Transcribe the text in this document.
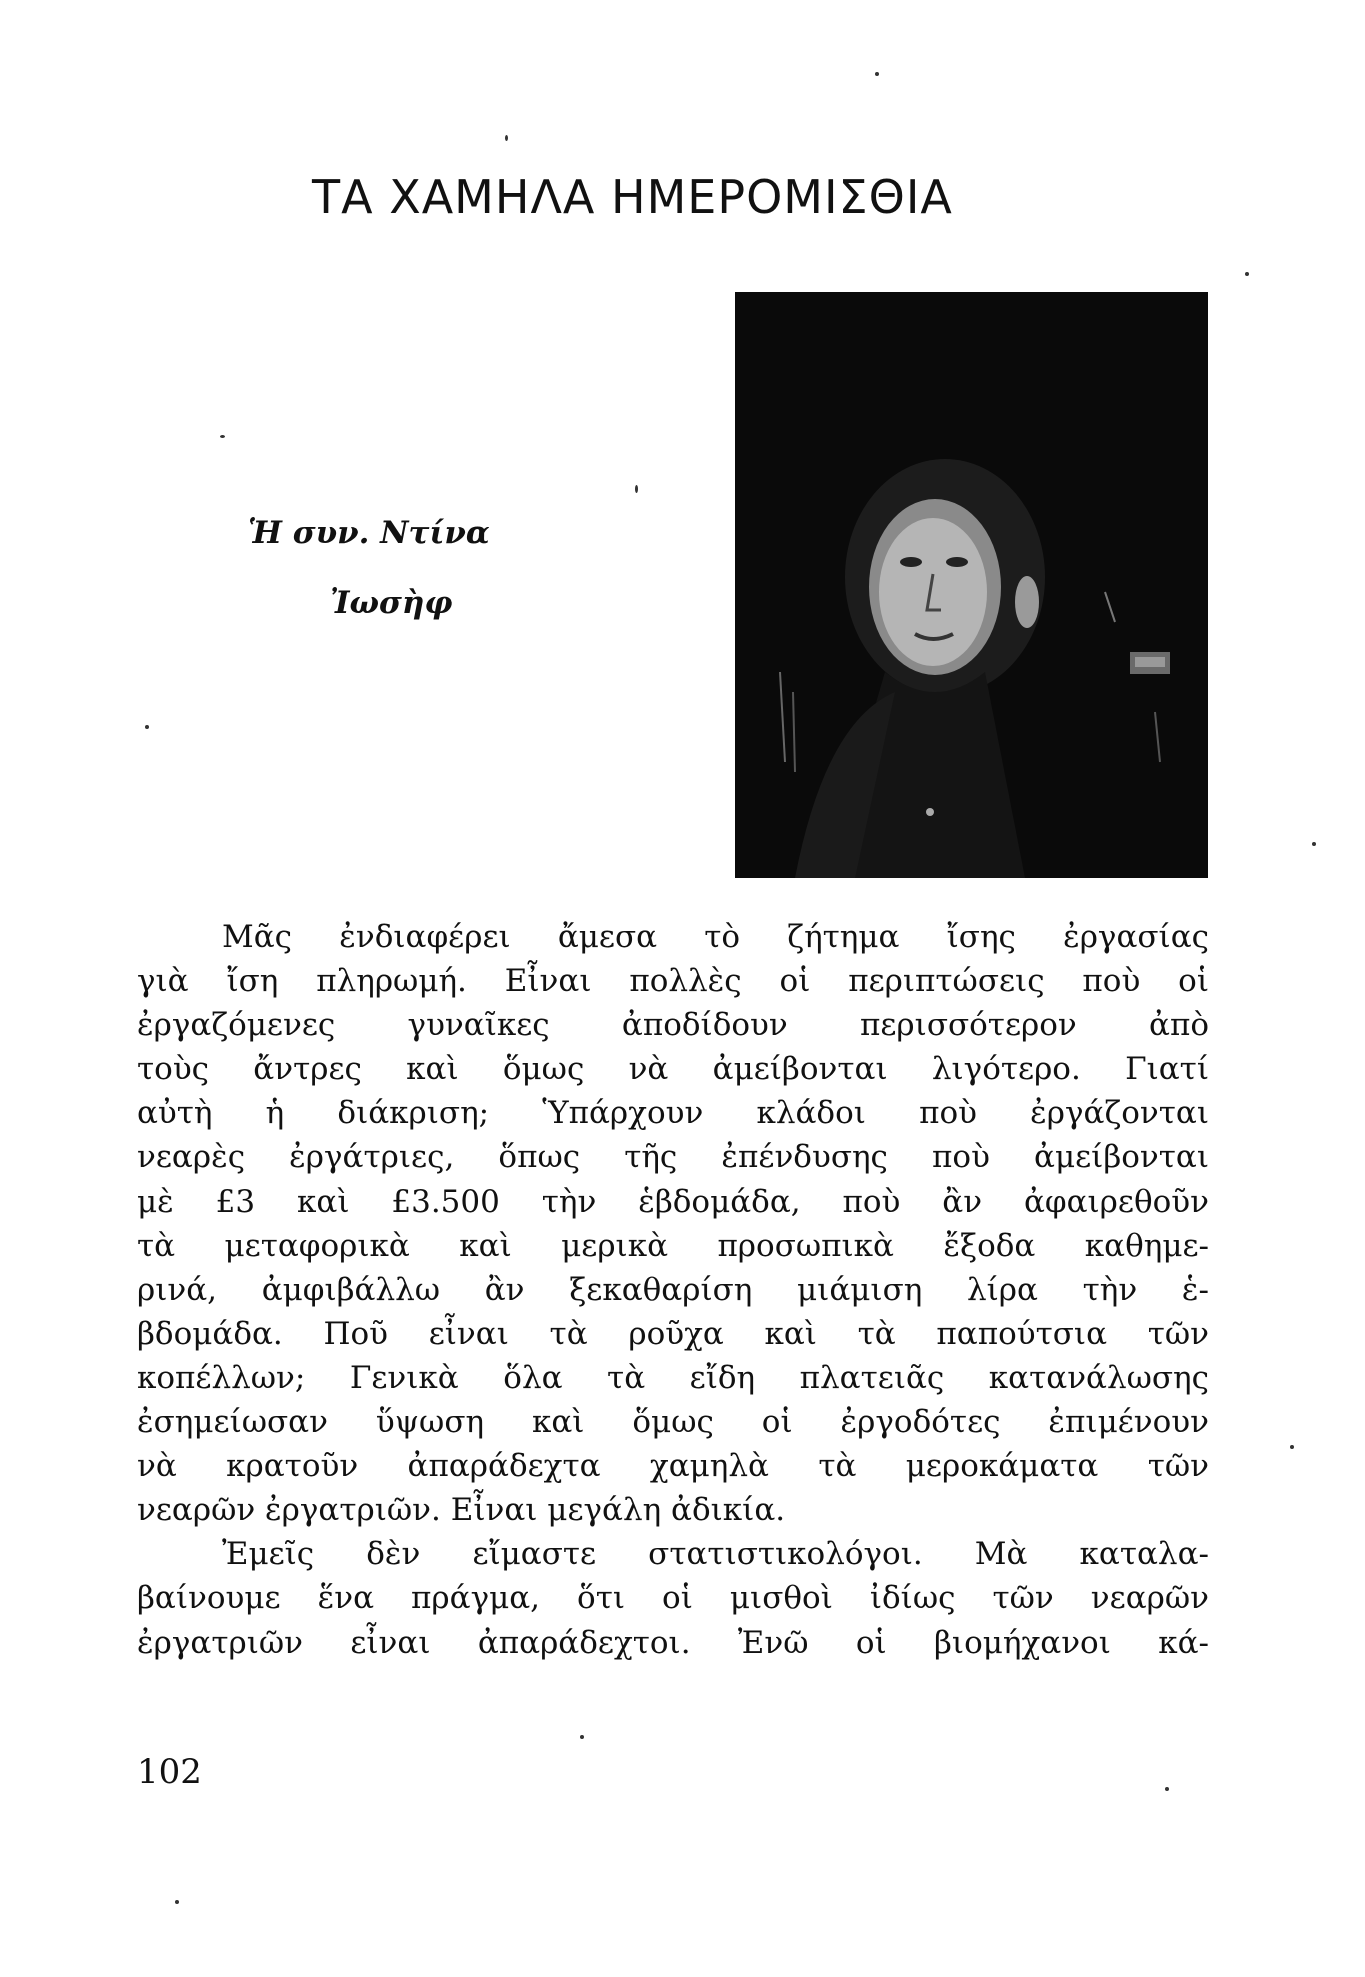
ΤΑ ΧΑΜΗΛΑ ΗΜΕΡΟΜΙΣΘΙΑ
Ἡ συν. Ντίνα
Ἰωσὴφ
Μᾶς ἐνδιαφέρει ἄμεσα τὸ ζήτημα ἴσης ἐργασίας
γιὰ ἴση πληρωμή. Εἶναι πολλὲς οἱ περιπτώσεις ποὺ οἱ
ἐργαζόμενες γυναῖκες ἀποδίδουν περισσότερον ἀπὸ
τοὺς ἄντρες καὶ ὅμως νὰ ἀμείβονται λιγότερο. Γιατί
αὐτὴ ἡ διάκριση; Ὑπάρχουν κλάδοι ποὺ ἐργάζονται
νεαρὲς ἐργάτριες, ὅπως τῆς ἐπένδυσης ποὺ ἀμείβονται
μὲ £3 καὶ £3.500 τὴν ἑβδομάδα, ποὺ ἂν ἀφαιρεθοῦν
τὰ μεταφορικὰ καὶ μερικὰ προσωπικὰ ἔξοδα καθημε-
ρινά, ἀμφιβάλλω ἂν ξεκαθαρίση μιάμιση λίρα τὴν ἑ-
βδομάδα. Ποῦ εἶναι τὰ ροῦχα καὶ τὰ παπούτσια τῶν
κοπέλλων; Γενικὰ ὅλα τὰ εἴδη πλατειᾶς κατανάλωσης
ἐσημείωσαν ὕψωση καὶ ὅμως οἱ ἐργοδότες ἐπιμένουν
νὰ κρατοῦν ἀπαράδεχτα χαμηλὰ τὰ μεροκάματα τῶν
νεαρῶν ἐργατριῶν. Εἶναι μεγάλη ἀδικία.
Ἐμεῖς δὲν εἴμαστε στατιστικολόγοι. Μὰ καταλα-
βαίνουμε ἕνα πράγμα, ὅτι οἱ μισθοὶ ἰδίως τῶν νεαρῶν
ἐργατριῶν εἶναι ἀπαράδεχτοι. Ἐνῶ οἱ βιομήχανοι κά-
102
